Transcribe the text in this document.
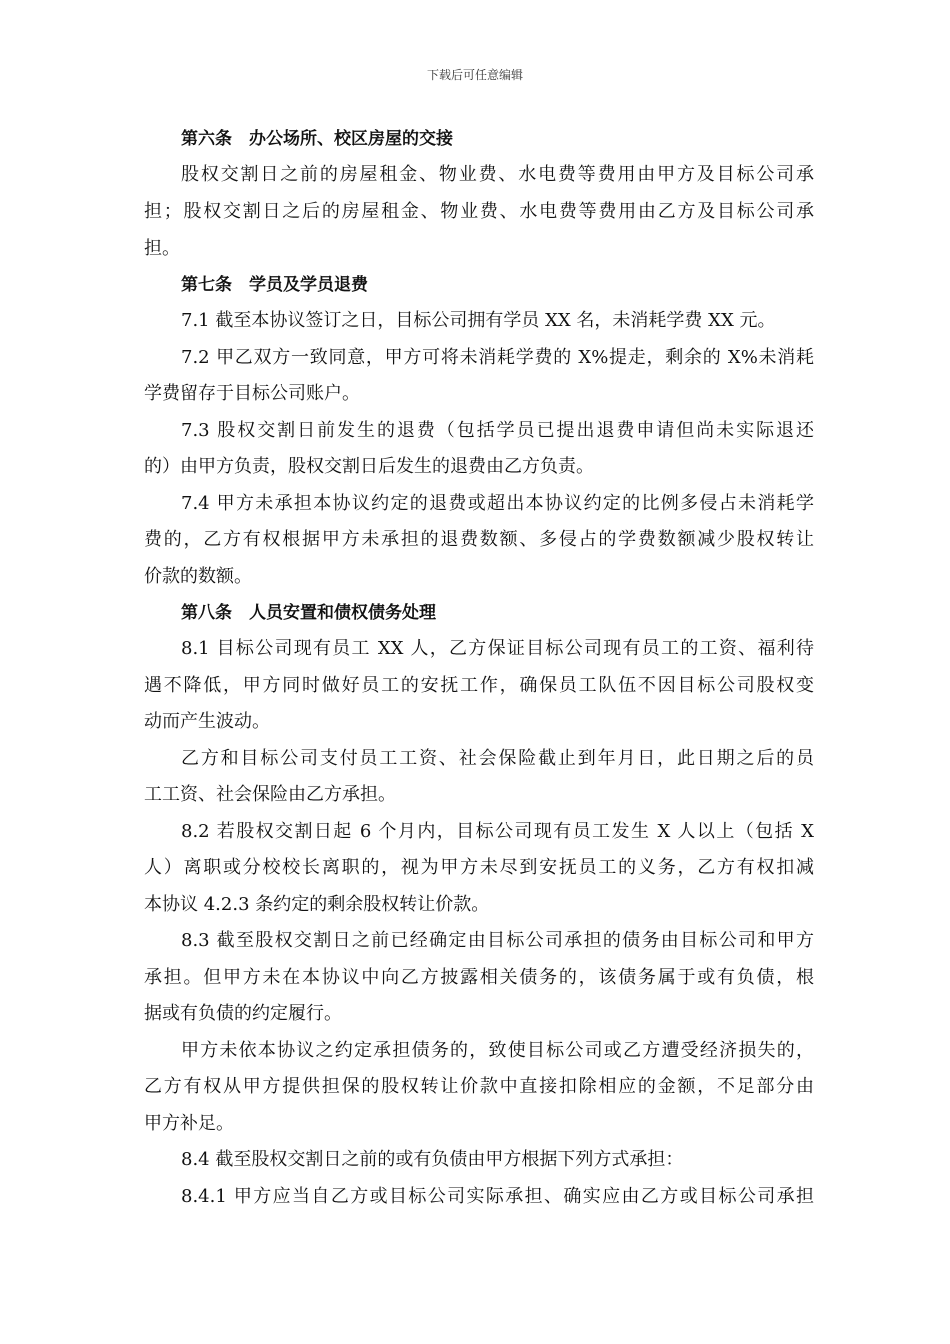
下载后可任意编辑
第六条　办公场所、校区房屋的交接
股权交割日之前的房屋租金、物业费、水电费等费用由甲方及目标公司承
担；股权交割日之后的房屋租金、物业费、水电费等费用由乙方及目标公司承
担。
第七条　学员及学员退费
7.1 截至本协议签订之日，目标公司拥有学员 XX 名，未消耗学费 XX 元。
7.2 甲乙双方一致同意，甲方可将未消耗学费的 X%提走，剩余的 X%未消耗
学费留存于目标公司账户。
7.3 股权交割日前发生的退费（包括学员已提出退费申请但尚未实际退还
的）由甲方负责，股权交割日后发生的退费由乙方负责。
7.4 甲方未承担本协议约定的退费或超出本协议约定的比例多侵占未消耗学
费的，乙方有权根据甲方未承担的退费数额、多侵占的学费数额减少股权转让
价款的数额。
第八条　人员安置和债权债务处理
8.1 目标公司现有员工 XX 人，乙方保证目标公司现有员工的工资、福利待
遇不降低，甲方同时做好员工的安抚工作，确保员工队伍不因目标公司股权变
动而产生波动。
乙方和目标公司支付员工工资、社会保险截止到年月日，此日期之后的员
工工资、社会保险由乙方承担。
8.2 若股权交割日起 6 个月内，目标公司现有员工发生 X 人以上（包括 X
人）离职或分校校长离职的，视为甲方未尽到安抚员工的义务，乙方有权扣减
本协议 4.2.3 条约定的剩余股权转让价款。
8.3 截至股权交割日之前已经确定由目标公司承担的债务由目标公司和甲方
承担。但甲方未在本协议中向乙方披露相关债务的，该债务属于或有负债，根
据或有负债的约定履行。
甲方未依本协议之约定承担债务的，致使目标公司或乙方遭受经济损失的，
乙方有权从甲方提供担保的股权转让价款中直接扣除相应的金额，不足部分由
甲方补足。
8.4 截至股权交割日之前的或有负债由甲方根据下列方式承担：
8.4.1 甲方应当自乙方或目标公司实际承担、确实应由乙方或目标公司承担
